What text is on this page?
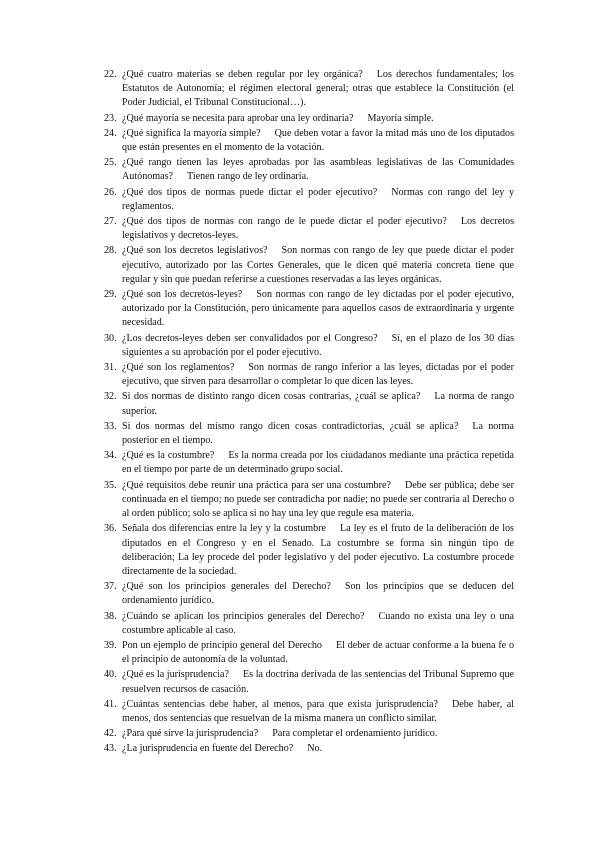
22. ¿Qué cuatro materias se deben regular por ley orgánica? Los derechos fundamentales; los Estatutos de Autonomía; el régimen electoral general; otras que establece la Constitución (el Poder Judicial, el Tribunal Constitucional…).
23. ¿Qué mayoría se necesita para aprobar una ley ordinaria? Mayoría simple.
24. ¿Qué significa la mayoría simple? Que deben votar a favor la mitad más uno de los diputados que están presentes en el momento de la votación.
25. ¿Qué rango tienen las leyes aprobadas por las asambleas legislativas de las Comunidades Autónomas? Tienen rango de ley ordinaria.
26. ¿Qué dos tipos de normas puede dictar el poder ejecutivo? Normas con rango del ley y reglamentos.
27. ¿Qué dos tipos de normas con rango de le puede dictar el poder ejecutivo? Los decretos legislativos y decretos-leyes.
28. ¿Qué son los decretos legislativos? Son normas con rango de ley que puede dictar el poder ejecutivo, autorizado por las Cortes Generales, que le dicen qué materia concreta tiene que regular y sin que puedan referirse a cuestiones reservadas a las leyes orgánicas.
29. ¿Qué son los decretos-leyes? Son normas con rango de ley dictadas por el poder ejecutivo, autorizado por la Constitución, pero únicamente para aquellos casos de extraordinaria y urgente necesidad.
30. ¿Los decretos-leyes deben ser convalidados por el Congreso? Sí, en el plazo de los 30 días siguientes a su aprobación por el poder ejecutivo.
31. ¿Qué son los reglamentos? Son normas de rango inferior a las leyes, dictadas por el poder ejecutivo, que sirven para desarrollar o completar lo que dicen las leyes.
32. Si dos normas de distinto rango dicen cosas contrarias, ¿cuál se aplica? La norma de rango superior.
33. Si dos normas del mismo rango dicen cosas contradictorias, ¿cuál se aplica? La norma posterior en el tiempo.
34. ¿Qué es la costumbre? Es la norma creada por los ciudadanos mediante una práctica repetida en el tiempo por parte de un determinado grupo social.
35. ¿Qué requisitos debe reunir una práctica para ser una costumbre? Debe ser pública; debe ser continuada en el tiempo; no puede ser contradicha por nadie; no puede ser contraria al Derecho o al orden público; solo se aplica si no hay una ley que regule esa materia.
36. Señala dos diferencias entre la ley y la costumbre La ley es el fruto de la deliberación de los diputados en el Congreso y en el Senado. La costumbre se forma sin ningún tipo de deliberación; La ley procede del poder legislativo y del poder ejecutivo. La costumbre procede directamente de la sociedad.
37. ¿Qué son los principios generales del Derecho? Son los principios que se deducen del ordenamiento jurídico.
38. ¿Cuándo se aplican los principios generales del Derecho? Cuando no exista una ley o una costumbre aplicable al caso.
39. Pon un ejemplo de principio general del Derecho El deber de actuar conforme a la buena fe o el principio de autonomía de la voluntad.
40. ¿Qué es la jurisprudencia? Es la doctrina derivada de las sentencias del Tribunal Supremo que resuelven recursos de casación.
41. ¿Cuántas sentencias debe haber, al menos, para que exista jurisprudencia? Debe haber, al menos, dos sentencias que resuelvan de la misma manera un conflicto similar.
42. ¿Para qué sirve la jurisprudencia? Para completar el ordenamiento jurídico.
43. ¿La jurisprudencia en fuente del Derecho? No.
